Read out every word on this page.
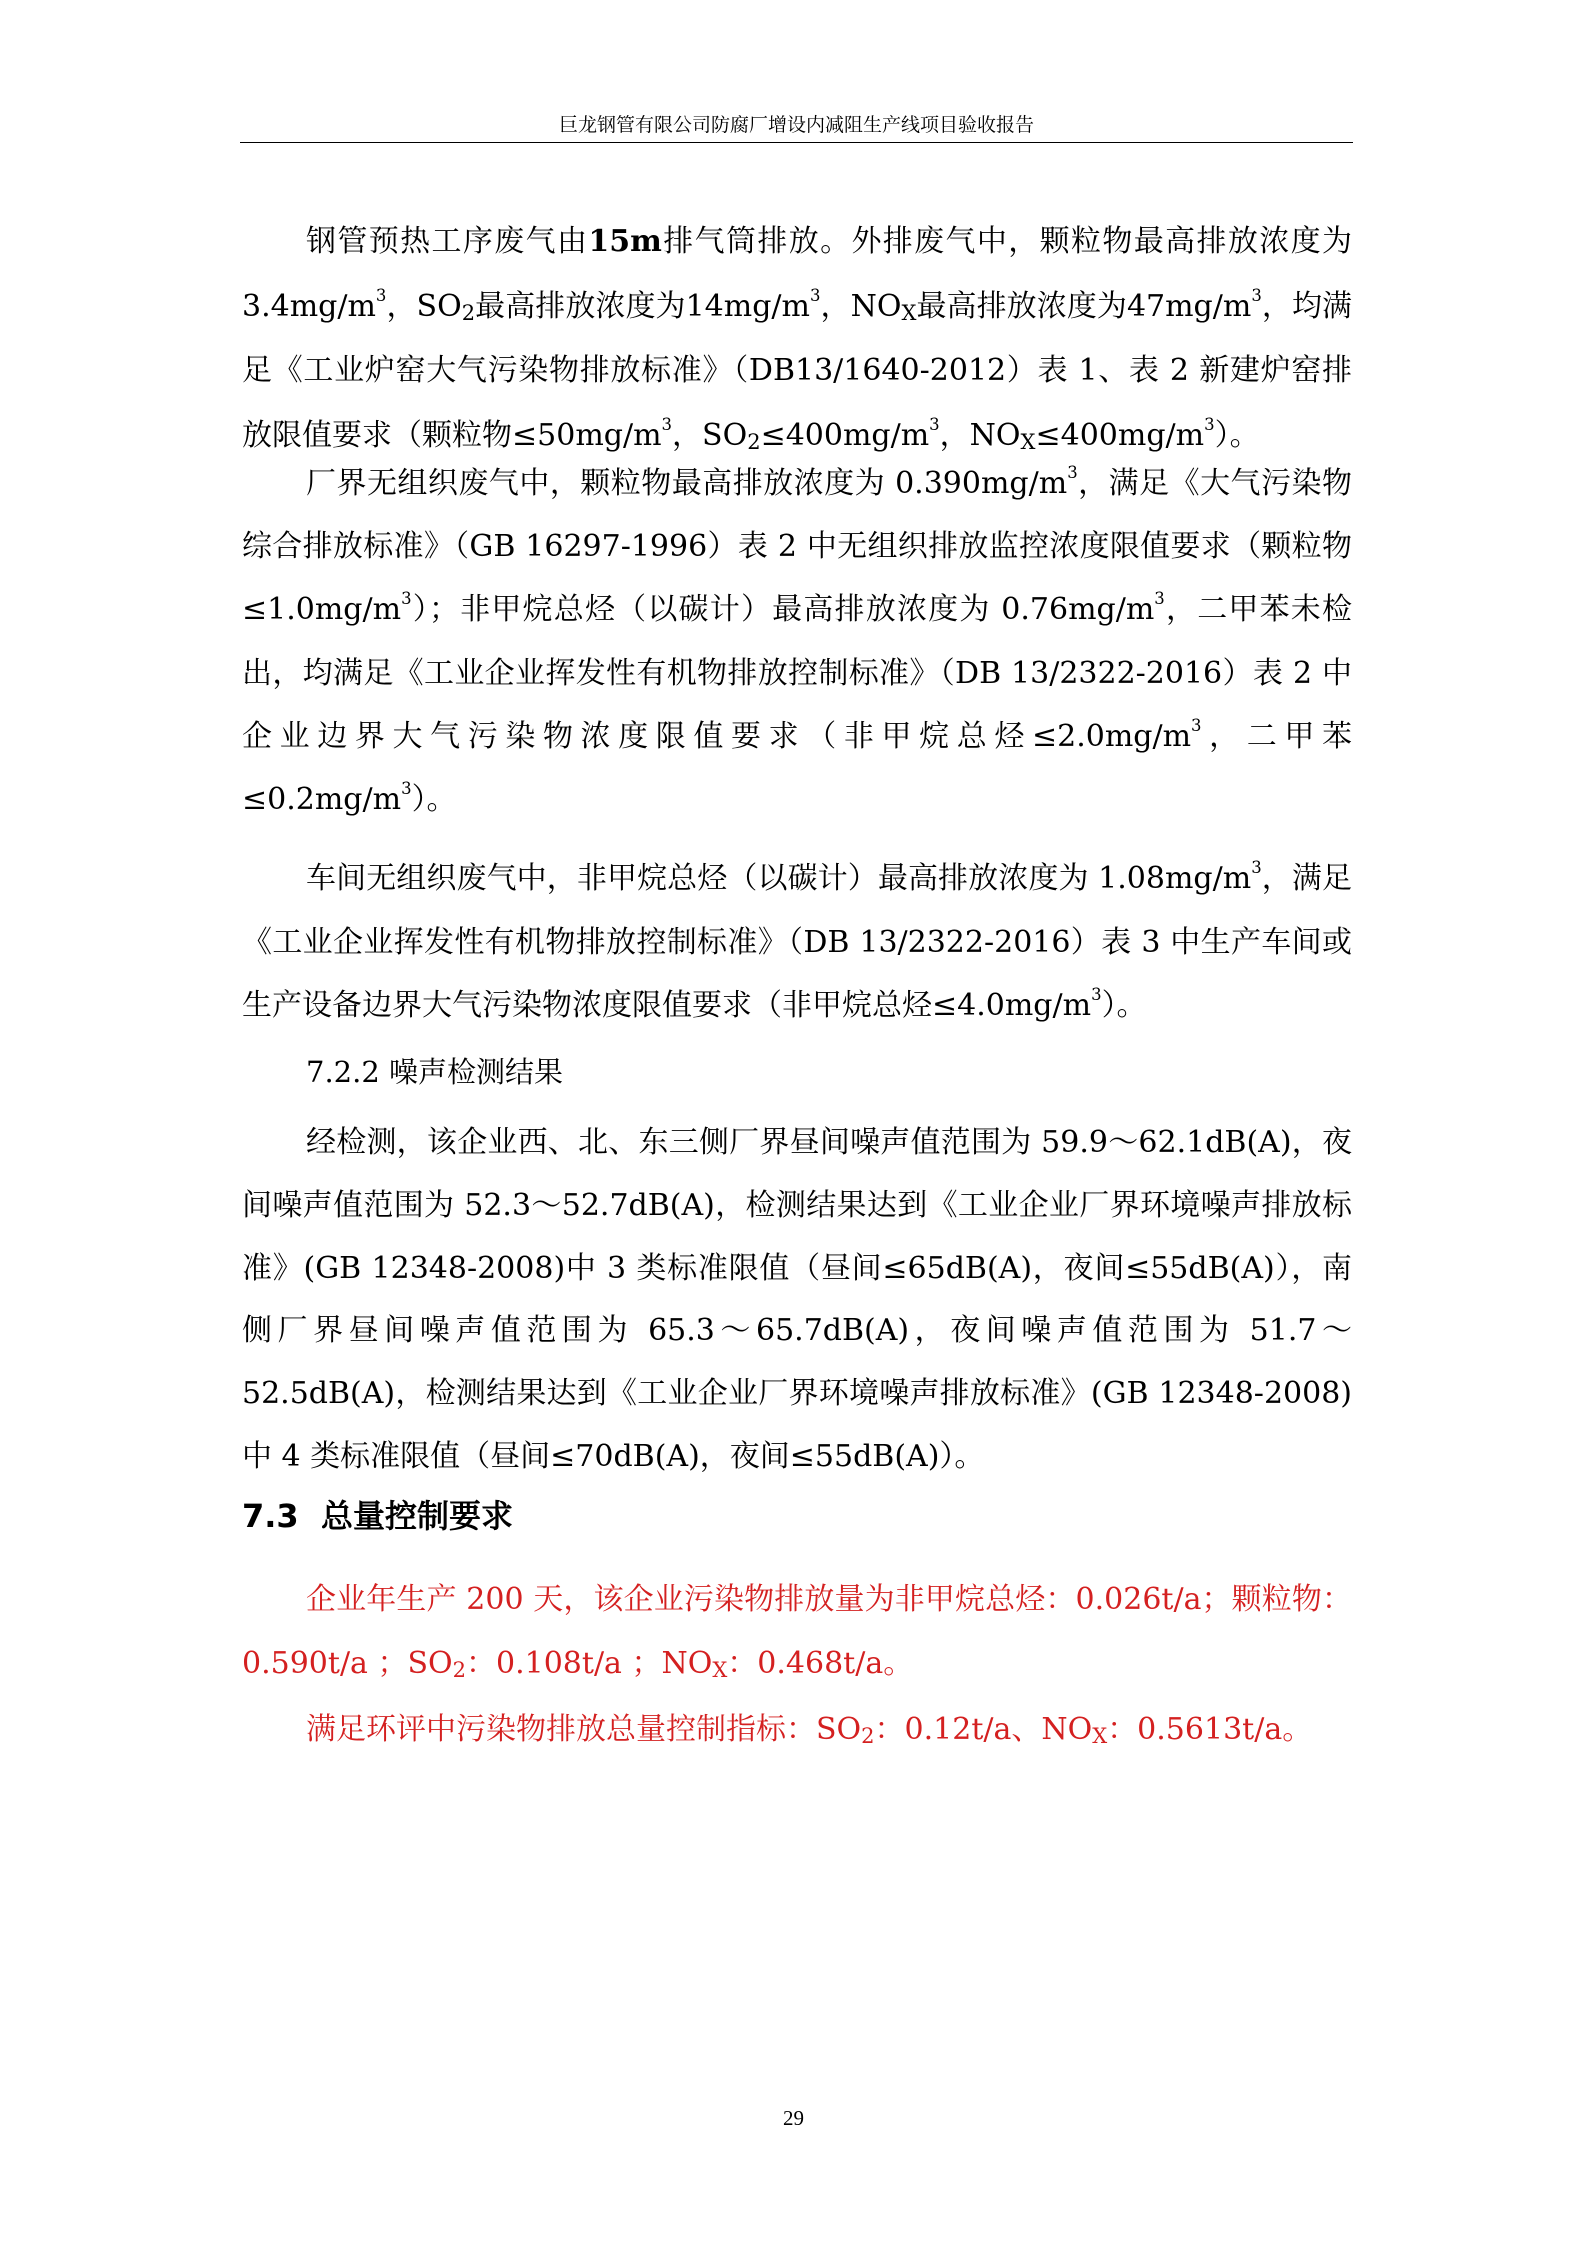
巨龙钢管有限公司防腐厂增设内减阻生产线项目验收报告

钢管预热工序废气由15m排气筒排放。外排废气中，颗粒物最高排放浓度为$3.4mg/m^3$，$SO_2$最高排放浓度为$14mg/m^3$，$NO_X$最高排放浓度为$47mg/m^3$，均满足《工业炉窑大气污染物排放标准》（DB13/1640-2012）表 1、表 2 新建炉窑排放限值要求（颗粒物$\le 50mg/m^3$，$SO_2\le 400mg/m^3$，$NO_X\le 400mg/m^3$）。

厂界无组织废气中，颗粒物最高排放浓度为 $0.390mg/m^3$，满足《大气污染物综合排放标准》（GB 16297-1996）表 2 中无组织排放监控浓度限值要求（颗粒物$\le 1.0mg/m^3$）；非甲烷总烃（以碳计）最高排放浓度为 $0.76mg/m^3$，二甲苯未检出，均满足《工业企业挥发性有机物排放控制标准》（DB 13/2322-2016）表 2 中企业边界大气污染物浓度限值要求（非甲烷总烃$\le 2.0mg/m^3$，二甲苯$\le 0.2mg/m^3$）。

车间无组织废气中，非甲烷总烃（以碳计）最高排放浓度为 $1.08mg/m^3$，满足《工业企业挥发性有机物排放控制标准》（DB 13/2322-2016）表 3 中生产车间或生产设备边界大气污染物浓度限值要求（非甲烷总烃$\le 4.0mg/m^3$）。

7.2.2 噪声检测结果

经检测，该企业西、北、东三侧厂界昼间噪声值范围为 59.9～62.1dB(A)，夜间噪声值范围为 52.3～52.7dB(A)，检测结果达到《工业企业厂界环境噪声排放标准》(GB 12348-2008)中 3 类标准限值（昼间≤65dB(A)，夜间≤55dB(A)），南侧厂界昼间噪声值范围为 65.3～65.7dB(A)，夜间噪声值范围为 51.7～52.5dB(A)，检测结果达到《工业企业厂界环境噪声排放标准》(GB 12348-2008) 中 4 类标准限值（昼间≤70dB(A)，夜间≤55dB(A)）。

7.3 总量控制要求

企业年生产 200 天，该企业污染物排放量为非甲烷总烃：0.026t/a；颗粒物：0.590t/a ；$SO_2$：0.108t/a ；$NO_X$：0.468t/a。

满足环评中污染物排放总量控制指标：$SO_2$：0.12t/a、$NO_X$：0.5613t/a。

29
